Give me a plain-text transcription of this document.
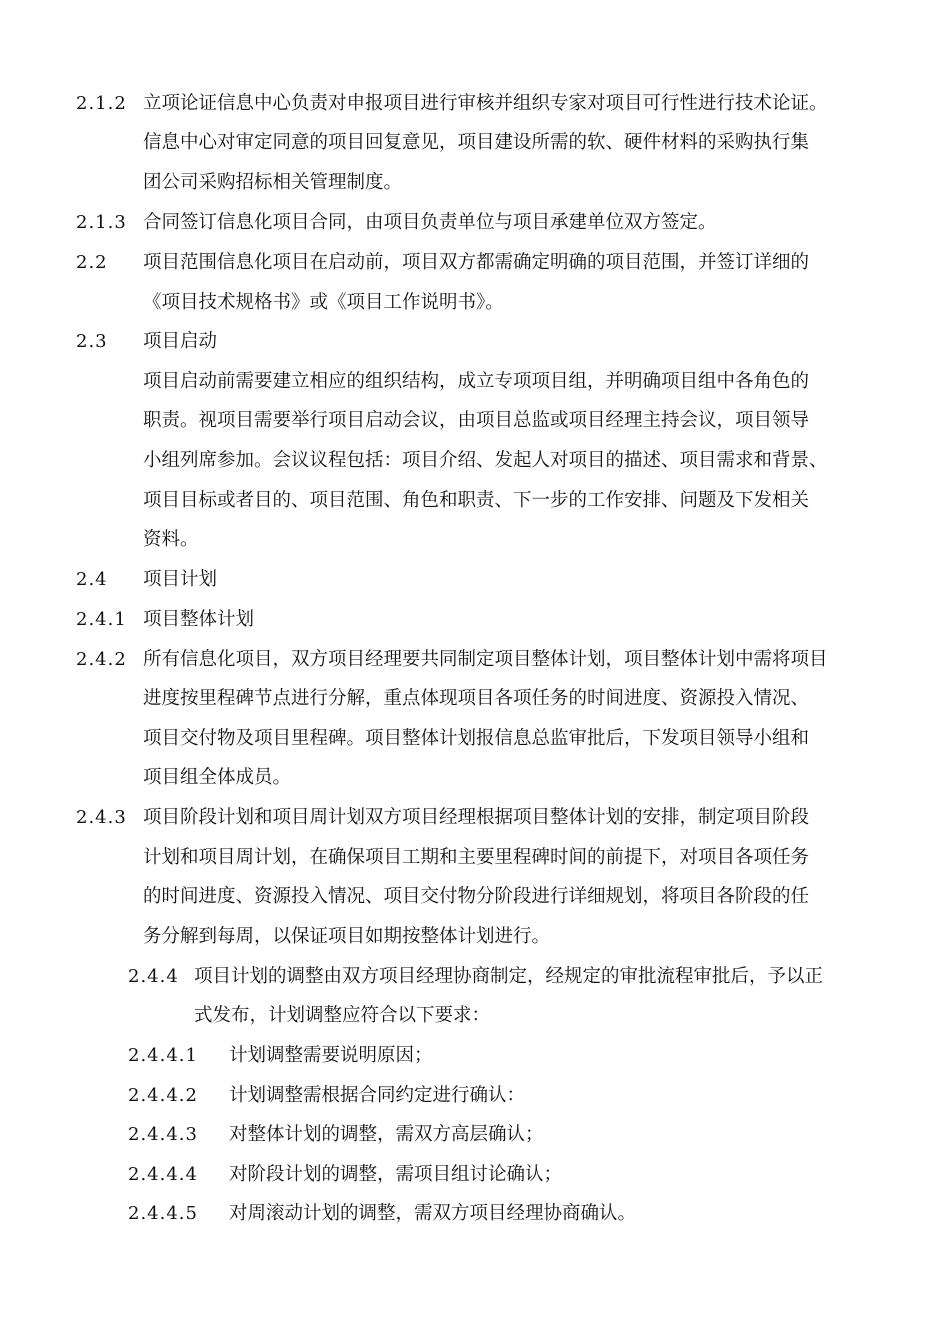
2.1.2 立项论证信息中心负责对申报项目进行审核并组织专家对项目可行性进行技术论证。
信息中心对审定同意的项目回复意见，项目建设所需的软、硬件材料的采购执行集
团公司采购招标相关管理制度。
2.1.3 合同签订信息化项目合同，由项目负责单位与项目承建单位双方签定。
2.2 项目范围信息化项目在启动前，项目双方都需确定明确的项目范围，并签订详细的
《项目技术规格书》或《项目工作说明书》。
2.3 项目启动
项目启动前需要建立相应的组织结构，成立专项项目组，并明确项目组中各角色的
职责。视项目需要举行项目启动会议，由项目总监或项目经理主持会议，项目领导
小组列席参加。会议议程包括：项目介绍、发起人对项目的描述、项目需求和背景、
项目目标或者目的、项目范围、角色和职责、下一步的工作安排、问题及下发相关
资料。
2.4 项目计划
2.4.1 项目整体计划
2.4.2 所有信息化项目，双方项目经理要共同制定项目整体计划，项目整体计划中需将项目
进度按里程碑节点进行分解，重点体现项目各项任务的时间进度、资源投入情况、
项目交付物及项目里程碑。项目整体计划报信息总监审批后，下发项目领导小组和
项目组全体成员。
2.4.3 项目阶段计划和项目周计划双方项目经理根据项目整体计划的安排，制定项目阶段
计划和项目周计划，在确保项目工期和主要里程碑时间的前提下，对项目各项任务
的时间进度、资源投入情况、项目交付物分阶段进行详细规划，将项目各阶段的任
务分解到每周，以保证项目如期按整体计划进行。
2.4.4 项目计划的调整由双方项目经理协商制定，经规定的审批流程审批后，予以正
式发布，计划调整应符合以下要求：
2.4.4.1 计划调整需要说明原因；
2.4.4.2 计划调整需根据合同约定进行确认：
2.4.4.3 对整体计划的调整，需双方高层确认；
2.4.4.4 对阶段计划的调整，需项目组讨论确认；
2.4.4.5 对周滚动计划的调整，需双方项目经理协商确认。
